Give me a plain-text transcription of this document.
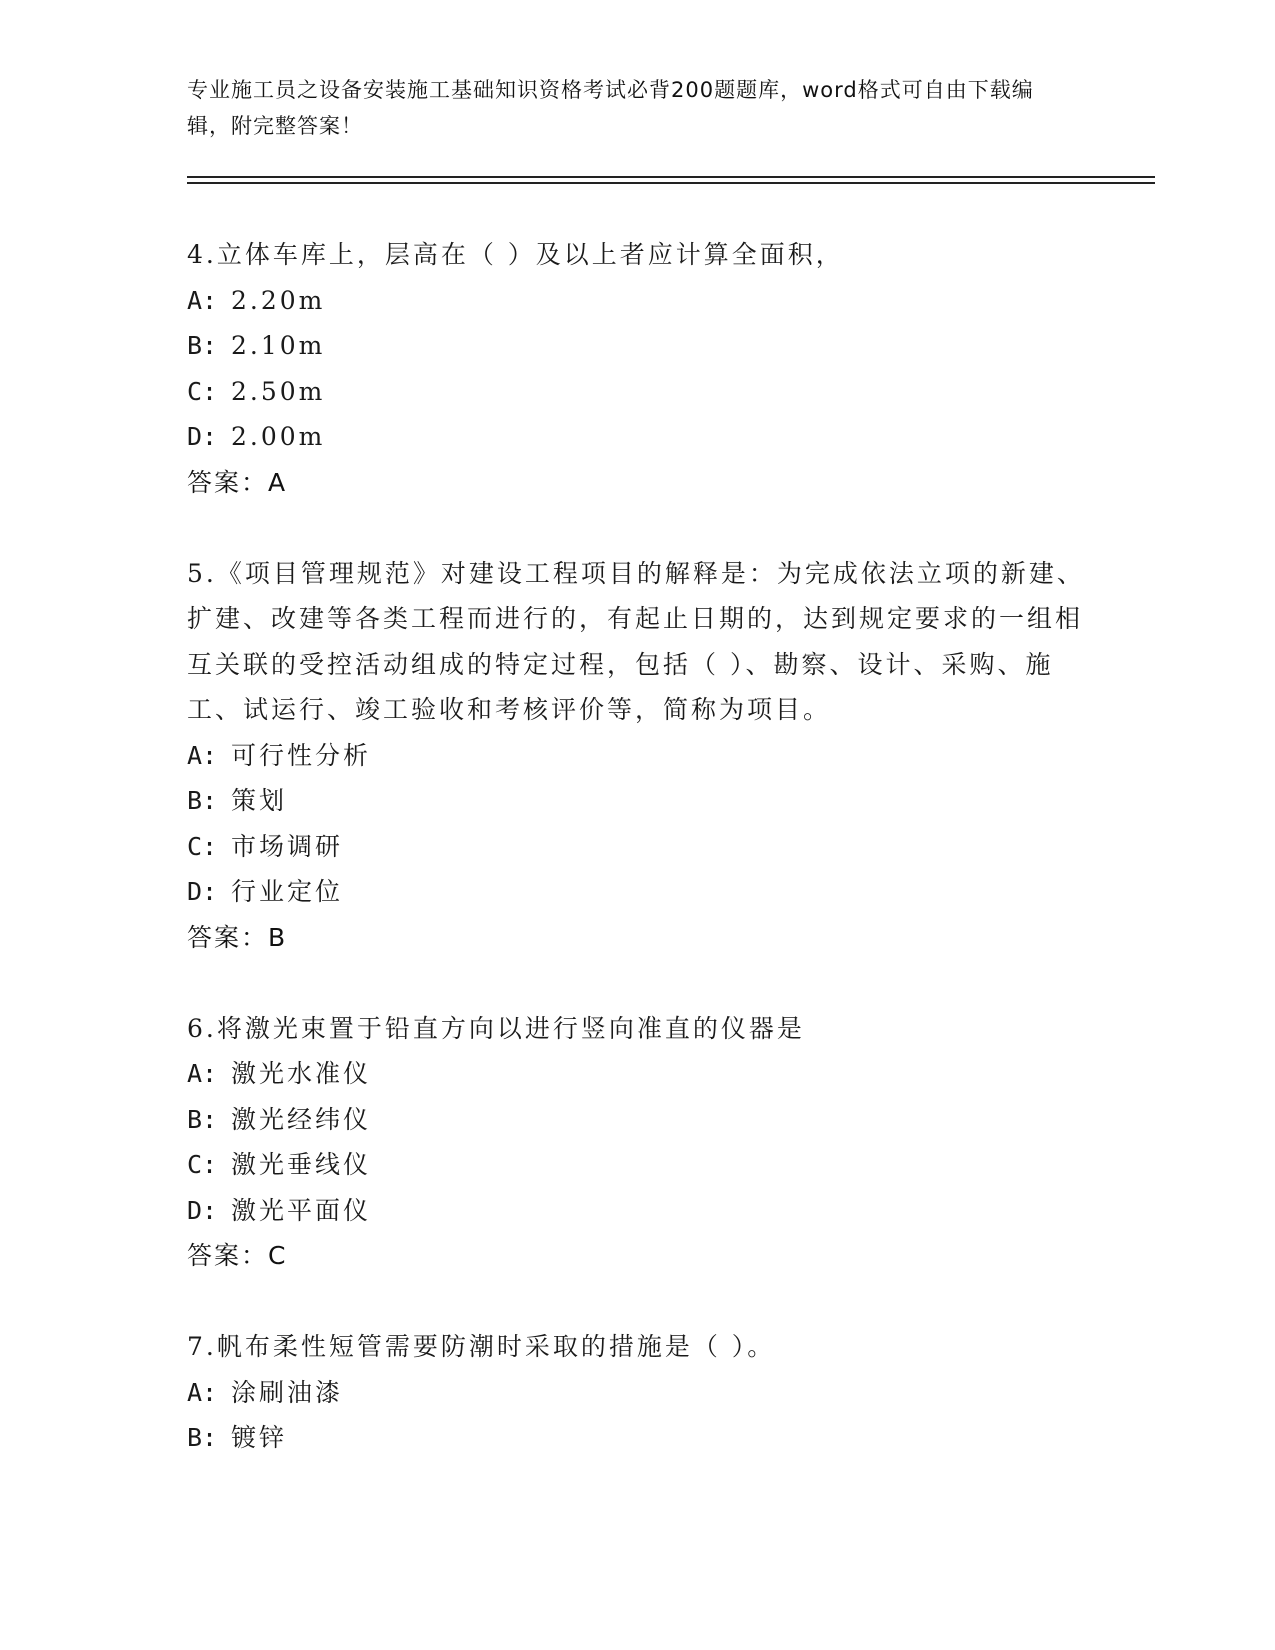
专业施工员之设备安装施工基础知识资格考试必背200题题库，word格式可自由下载编辑，附完整答案！

4.立体车库上，层高在（ ）及以上者应计算全面积，

A: 2.20m
B: 2.10m
C: 2.50m
D: 2.00m

答案：A

5.《项目管理规范》对建设工程项目的解释是：为完成依法立项的新建、扩建、改建等各类工程而进行的，有起止日期的，达到规定要求的一组相互关联的受控活动组成的特定过程，包括（ ）、勘察、设计、采购、施工、试运行、竣工验收和考核评价等，简称为项目。

A: 可行性分析
B: 策划
C: 市场调研
D: 行业定位

答案：B

6.将激光束置于铅直方向以进行竖向准直的仪器是

A: 激光水准仪
B: 激光经纬仪
C: 激光垂线仪
D: 激光平面仪

答案：C

7.帆布柔性短管需要防潮时采取的措施是（ ）。

A: 涂刷油漆
B: 镀锌
